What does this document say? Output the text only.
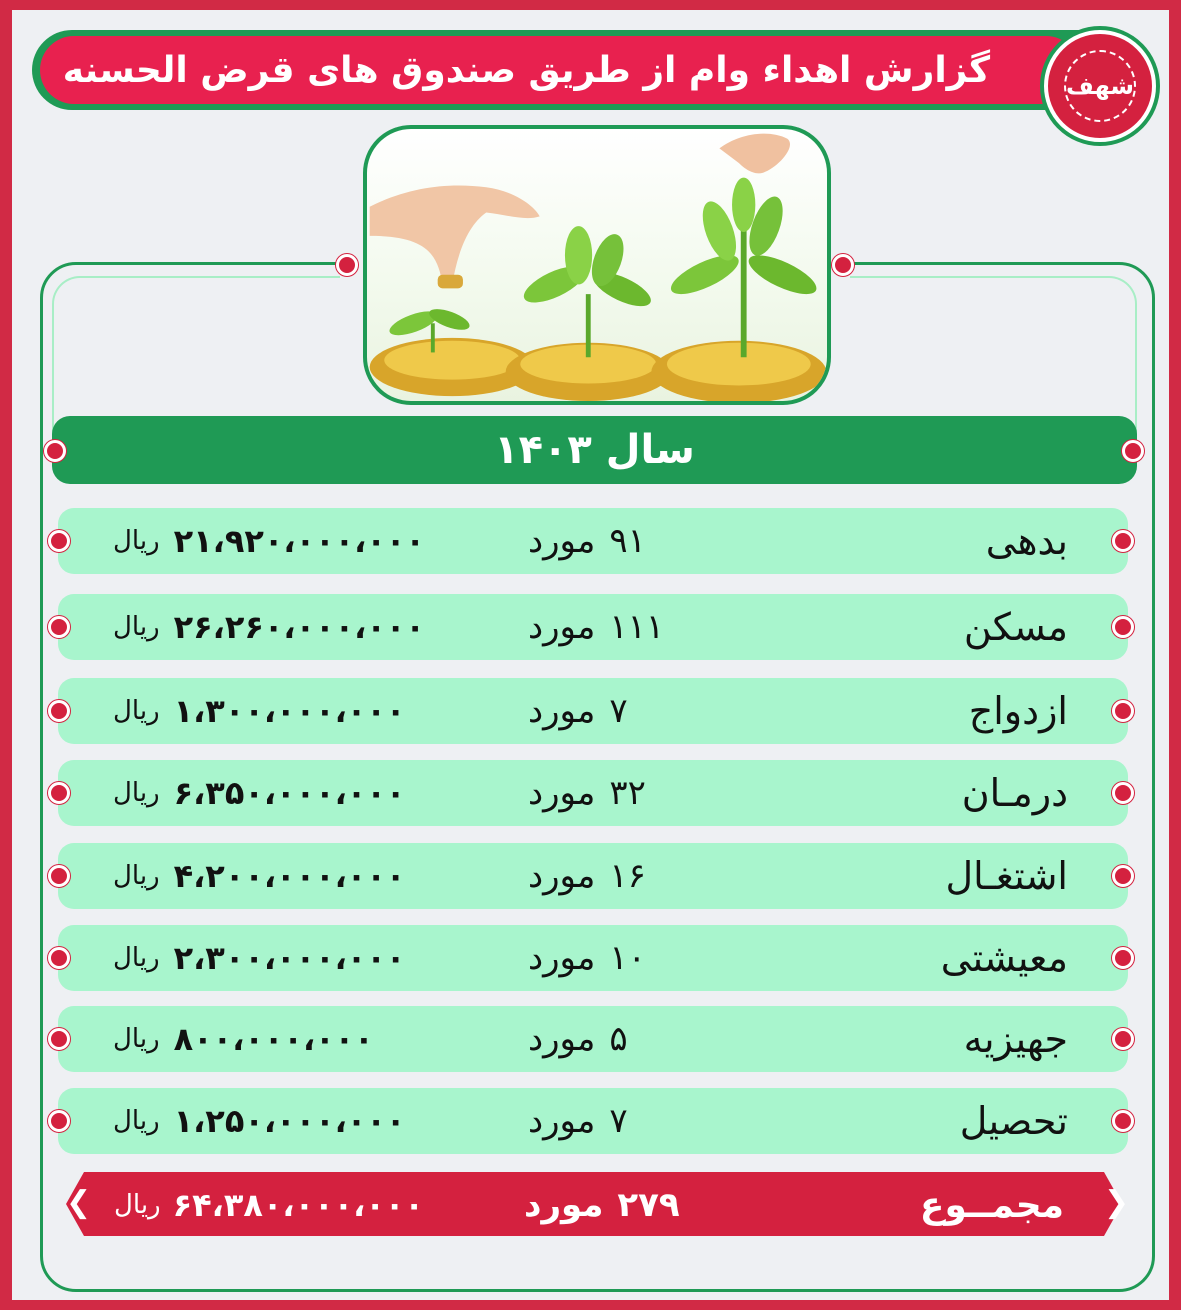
گزارش اهداء وام از طریق صندوق های قرض الحسنه	شهف
سال ۱۴۰۳
بدهی
۹۱
مورد
۲۱،۹۲۰،۰۰۰،۰۰۰
ریال
مسکن
۱۱۱
مورد
۲۶،۲۶۰،۰۰۰،۰۰۰
ریال
ازدواج
۷
مورد
۱،۳۰۰،۰۰۰،۰۰۰
ریال
درمـان
۳۲
مورد
۶،۳۵۰،۰۰۰،۰۰۰
ریال
اشتغـال
۱۶
مورد
۴،۲۰۰،۰۰۰،۰۰۰
ریال
معیشتی
۱۰
مورد
۲،۳۰۰،۰۰۰،۰۰۰
ریال
جهیزیه
۵
مورد
۸۰۰،۰۰۰،۰۰۰
ریال
تحصیل
۷
مورد
۱،۲۵۰،۰۰۰،۰۰۰
ریال
مجمــوع
۲۷۹
مورد
۶۴،۳۸۰،۰۰۰،۰۰۰
ریال
❮	❯
